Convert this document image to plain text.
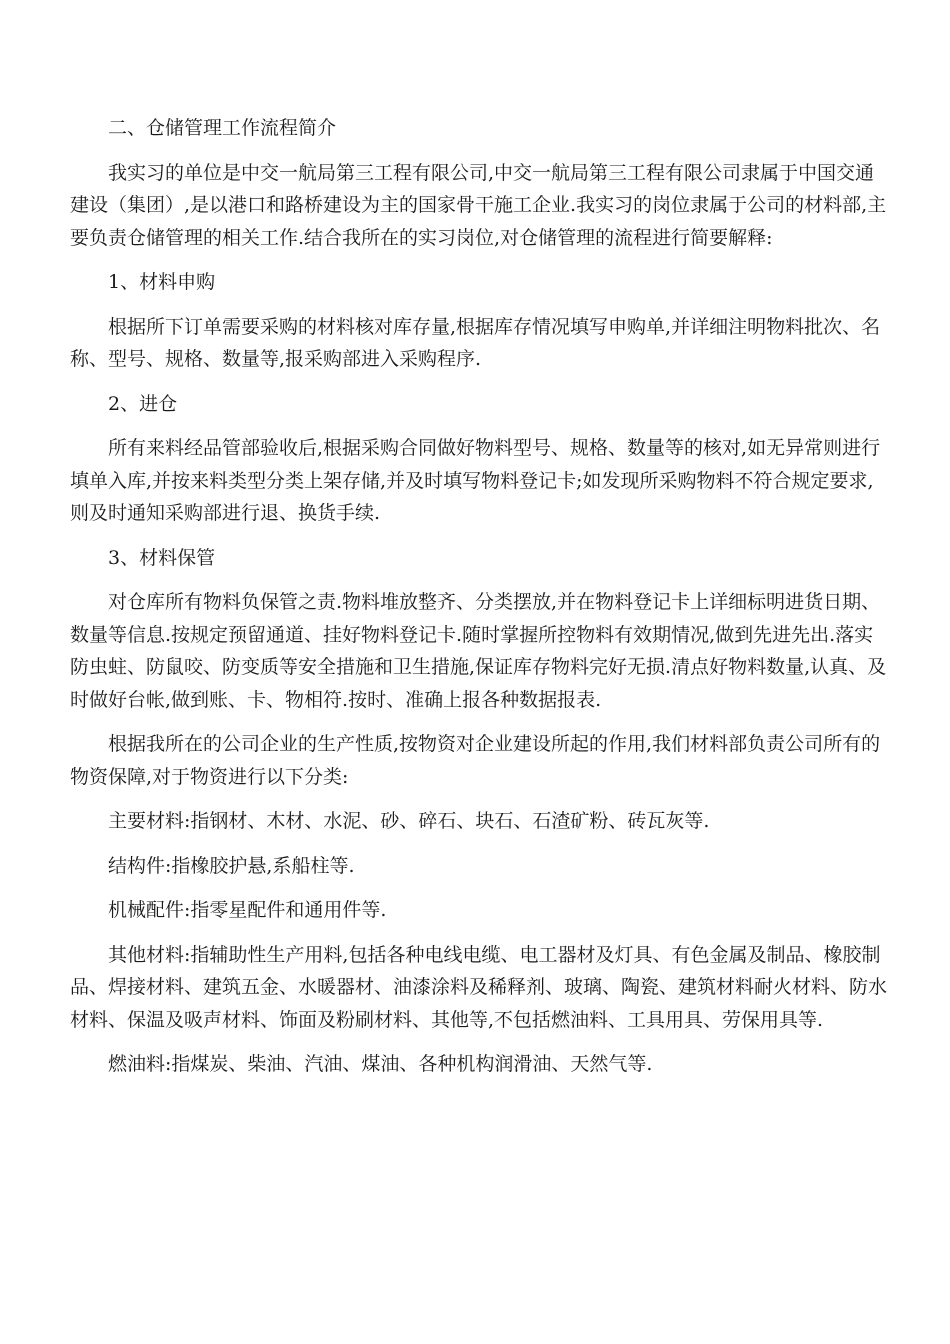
二、仓储管理工作流程简介

我实习的单位是中交一航局第三工程有限公司,中交一航局第三工程有限公司隶属于中国交通建设（集团）,是以港口和路桥建设为主的国家骨干施工企业.我实习的岗位隶属于公司的材料部,主要负责仓储管理的相关工作.结合我所在的实习岗位,对仓储管理的流程进行简要解释:

1、材料申购

根据所下订单需要采购的材料核对库存量,根据库存情况填写申购单,并详细注明物料批次、名称、型号、规格、数量等,报采购部进入采购程序.

2、进仓

所有来料经品管部验收后,根据采购合同做好物料型号、规格、数量等的核对,如无异常则进行填单入库,并按来料类型分类上架存储,并及时填写物料登记卡;如发现所采购物料不符合规定要求,则及时通知采购部进行退、换货手续.

3、材料保管

对仓库所有物料负保管之责.物料堆放整齐、分类摆放,并在物料登记卡上详细标明进货日期、数量等信息.按规定预留通道、挂好物料登记卡.随时掌握所控物料有效期情况,做到先进先出.落实防虫蛀、防鼠咬、防变质等安全措施和卫生措施,保证库存物料完好无损.清点好物料数量,认真、及时做好台帐,做到账、卡、物相符.按时、准确上报各种数据报表.

根据我所在的公司企业的生产性质,按物资对企业建设所起的作用,我们材料部负责公司所有的物资保障,对于物资进行以下分类:

主要材料:指钢材、木材、水泥、砂、碎石、块石、石渣矿粉、砖瓦灰等.

结构件:指橡胶护悬,系船柱等.

机械配件:指零星配件和通用件等.

其他材料:指辅助性生产用料,包括各种电线电缆、电工器材及灯具、有色金属及制品、橡胶制品、焊接材料、建筑五金、水暖器材、油漆涂料及稀释剂、玻璃、陶瓷、建筑材料耐火材料、防水材料、保温及吸声材料、饰面及粉刷材料、其他等,不包括燃油料、工具用具、劳保用具等.

燃油料:指煤炭、柴油、汽油、煤油、各种机构润滑油、天然气等.
